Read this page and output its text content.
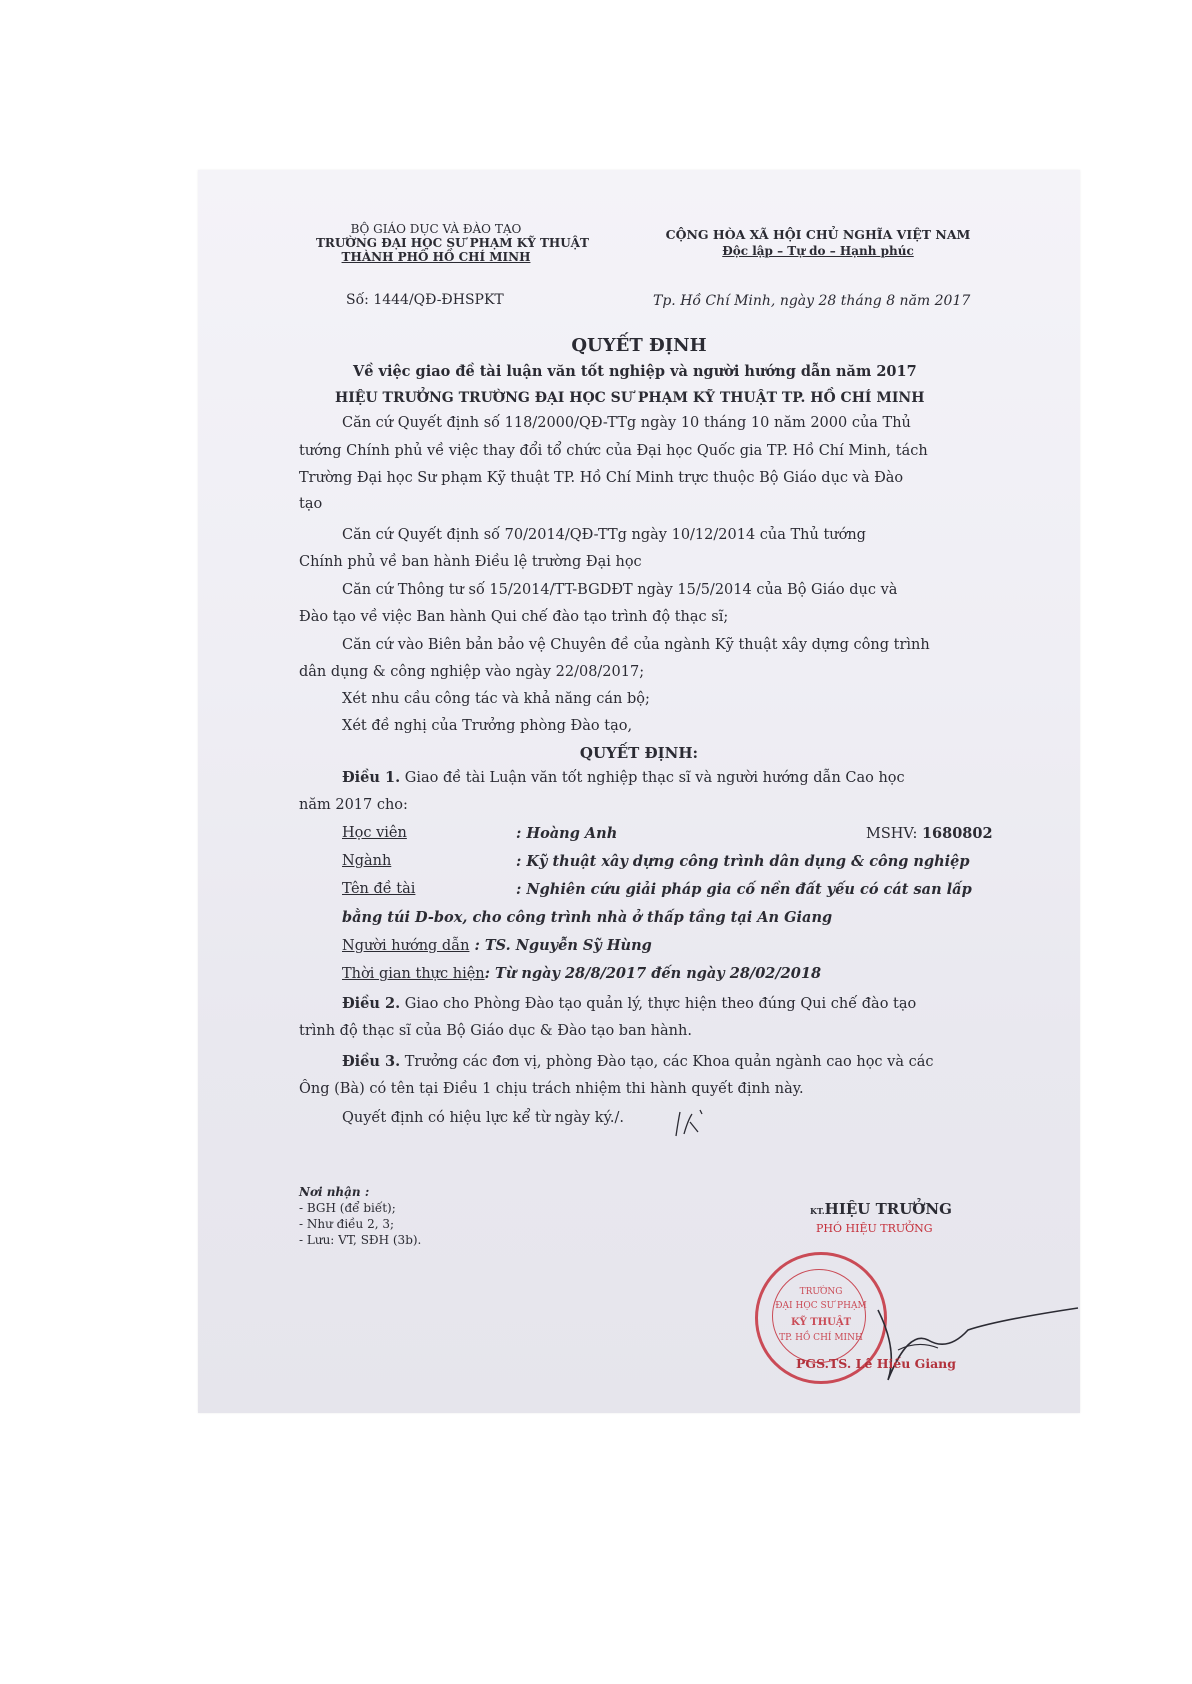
BỘ GIÁO DỤC VÀ ĐÀO TẠO
TRƯỜNG ĐẠI HỌC SƯ PHẠM KỸ THUẬT
THÀNH PHỐ HỒ CHÍ MINH
Số: 1444/QĐ-ĐHSPKT
CỘNG HÒA XÃ HỘI CHỦ NGHĨA VIỆT NAM
Độc lập – Tự do – Hạnh phúc
Tp. Hồ Chí Minh, ngày 28 tháng 8 năm 2017
QUYẾT ĐỊNH
Về việc giao đề tài luận văn tốt nghiệp và người hướng dẫn năm 2017
HIỆU TRƯỞNG TRƯỜNG ĐẠI HỌC SƯ PHẠM KỸ THUẬT TP. HỒ CHÍ MINH
Căn cứ Quyết định số 118/2000/QĐ-TTg ngày 10 tháng 10 năm 2000 của Thủ
tướng Chính phủ về việc thay đổi tổ chức của Đại học Quốc gia TP. Hồ Chí Minh, tách
Trường Đại học Sư phạm Kỹ thuật TP. Hồ Chí Minh trực thuộc Bộ Giáo dục và Đào
tạo
Căn cứ Quyết định số 70/2014/QĐ-TTg ngày 10/12/2014 của Thủ tướng
Chính phủ về ban hành Điều lệ trường Đại học
Căn cứ Thông tư số 15/2014/TT-BGDĐT ngày 15/5/2014 của Bộ Giáo dục và
Đào tạo về việc Ban hành Qui chế đào tạo trình độ thạc sĩ;
Căn cứ vào Biên bản bảo vệ Chuyên đề của ngành Kỹ thuật xây dựng công trình
dân dụng & công nghiệp vào ngày 22/08/2017;
Xét nhu cầu công tác và khả năng cán bộ;
Xét đề nghị của Trưởng phòng Đào tạo,
QUYẾT ĐỊNH:
Điều 1. Giao đề tài Luận văn tốt nghiệp thạc sĩ và người hướng dẫn Cao học
năm 2017 cho:
Học viên	: Hoàng Anh	MSHV: 1680802
Ngành	: Kỹ thuật xây dựng công trình dân dụng & công nghiệp
Tên đề tài	: Nghiên cứu giải pháp gia cố nền đất yếu có cát san lấp
bằng túi D-box, cho công trình nhà ở thấp tầng tại An Giang
Người hướng dẫn : TS. Nguyễn Sỹ Hùng
Thời gian thực hiện: Từ ngày 28/8/2017 đến ngày 28/02/2018
Điều 2. Giao cho Phòng Đào tạo quản lý, thực hiện theo đúng Qui chế đào tạo
trình độ thạc sĩ của Bộ Giáo dục & Đào tạo ban hành.
Điều 3. Trưởng các đơn vị, phòng Đào tạo, các Khoa quản ngành cao học và các
Ông (Bà) có tên tại Điều 1 chịu trách nhiệm thi hành quyết định này.
Quyết định có hiệu lực kể từ ngày ký./.
Nơi nhận :
- BGH (để biết);
- Như điều 2, 3;
- Lưu: VT, SĐH (3b).
KT.HIỆU TRƯỞNG
PHÓ HIỆU TRƯỞNG
TRƯỜNG
ĐẠI HỌC SƯ PHẠM
KỸ THUẬT
TP. HỒ CHÍ MINH
PGS.TS. Lê Hiếu Giang
